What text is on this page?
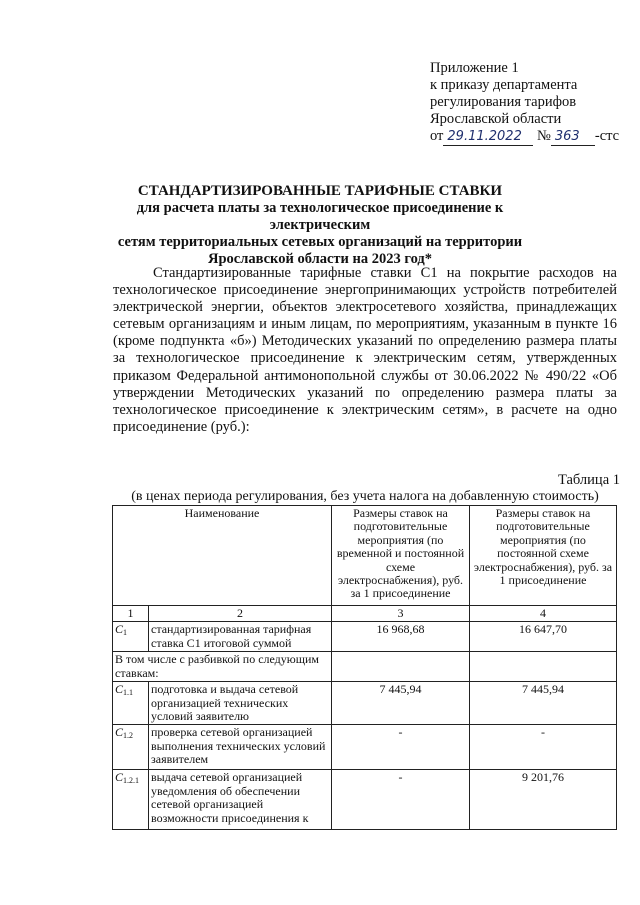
Приложение 1
к приказу департамента
регулирования тарифов
Ярославской области
от 29.11.2022 № 363 -стс
СТАНДАРТИЗИРОВАННЫЕ ТАРИФНЫЕ СТАВКИ
для расчета платы за технологическое присоединение к электрическим
сетям территориальных сетевых организаций на территории
Ярославской области на 2023 год*
Стандартизированные тарифные ставки C1 на покрытие расходов на технологическое присоединение энергопринимающих устройств потребителей электрической энергии, объектов электросетевого хозяйства, принадлежащих сетевым организациям и иным лицам, по мероприятиям, указанным в пункте 16 (кроме подпункта «б») Методических указаний по определению размера платы за технологическое присоединение к электрическим сетям, утвержденных приказом Федеральной антимонопольной службы от 30.06.2022 № 490/22 «Об утверждении Методических указаний по определению размера платы за технологическое присоединение к электрическим сетям», в расчете на одно присоединение (руб.):
Таблица 1
(в ценах периода регулирования, без учета налога на добавленную стоимость)
Наименование		Размеры ставок на подготовительные мероприятия (по временной и постоянной схеме электроснабжения), руб. за 1 присоединение	Размеры ставок на подготовительные мероприятия (по постоянной схеме электроснабжения), руб. за 1 присоединение
1	2	3	4
C1	стандартизированная тарифная ставка C1 итоговой суммой	16 968,68	16 647,70
В том числе с разбивкой по следующим ставкам:			
C1.1	подготовка и выдача сетевой организацией технических условий заявителю	7 445,94	7 445,94
C1.2	проверка сетевой организацией выполнения технических условий заявителем	-	-
C1.2.1	выдача сетевой организацией уведомления об обеспечении сетевой организацией возможности присоединения к	-	9 201,76
